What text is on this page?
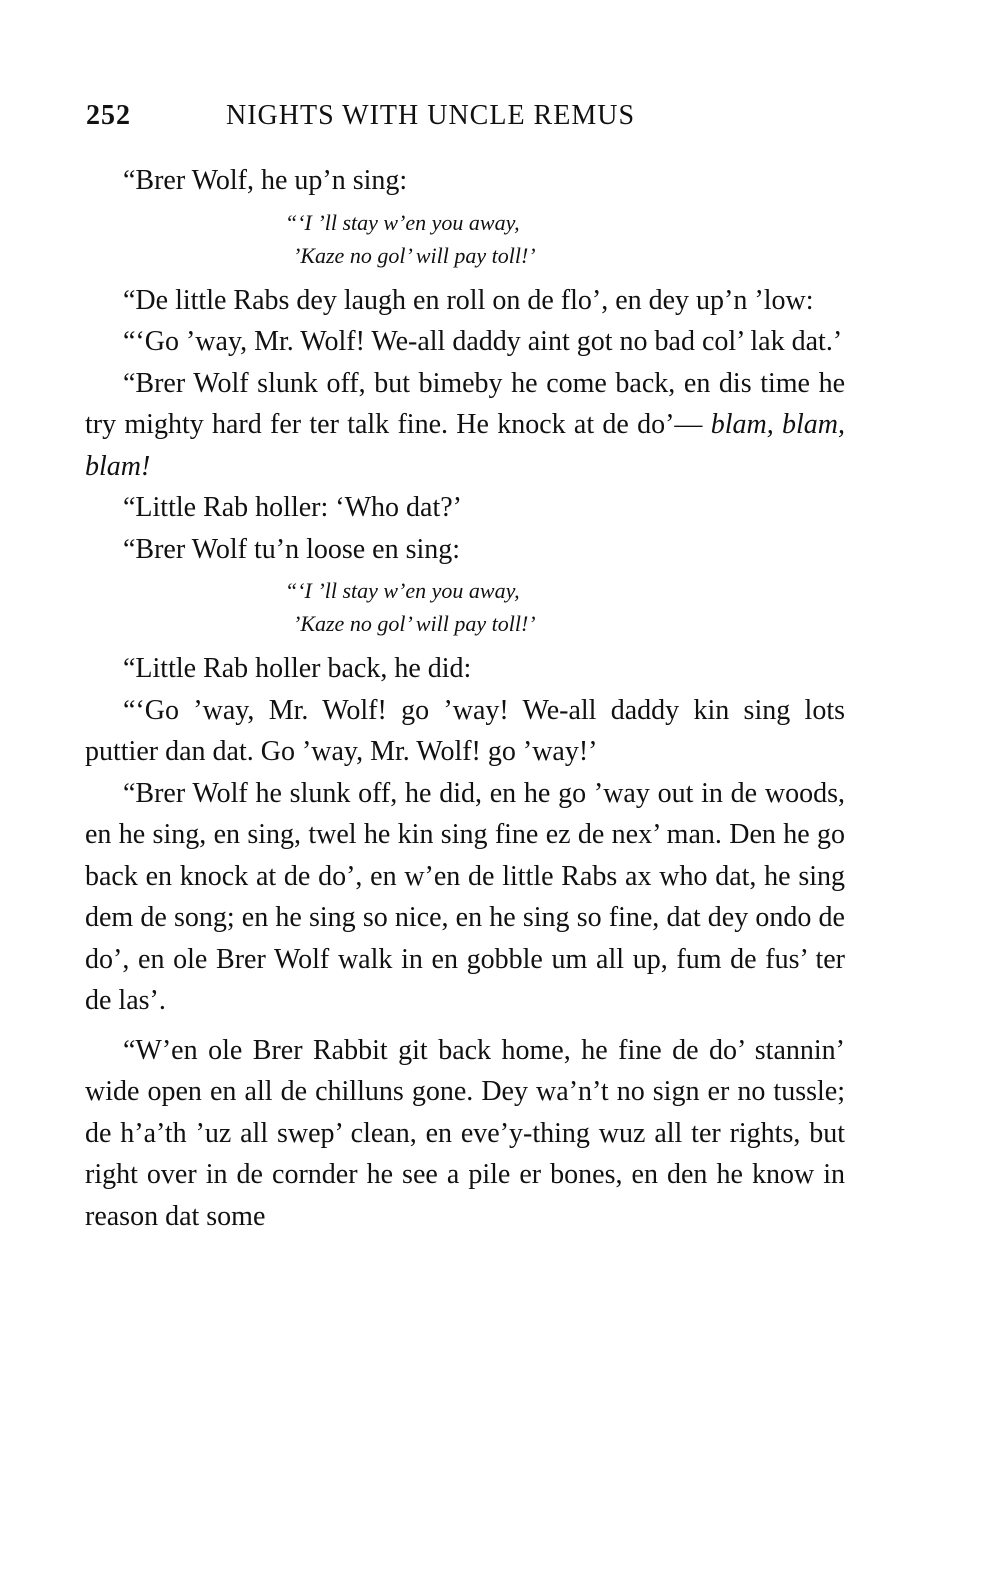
252	NIGHTS WITH UNCLE REMUS

“Brer Wolf, he up’n sing:

“‘I ’ll stay w’en you away,
’Kaze no gol’ will pay toll!’

“De little Rabs dey laugh en roll on de flo’, en dey up’n ’low:

“‘Go ’way, Mr. Wolf! We-all daddy aint got no bad col’ lak dat.’

“Brer Wolf slunk off, but bimeby he come back, en dis time he try mighty hard fer ter talk fine. He knock at de do’— blam, blam, blam!

“Little Rab holler: ‘Who dat?’

“Brer Wolf tu’n loose en sing:

“‘I ’ll stay w’en you away,
’Kaze no gol’ will pay toll!’

“Little Rab holler back, he did:

“‘Go ’way, Mr. Wolf! go ’way! We-all daddy kin sing lots puttier dan dat. Go ’way, Mr. Wolf! go ’way!’

“Brer Wolf he slunk off, he did, en he go ’way out in de woods, en he sing, en sing, twel he kin sing fine ez de nex’ man. Den he go back en knock at de do’, en w’en de little Rabs ax who dat, he sing dem de song; en he sing so nice, en he sing so fine, dat dey ondo de do’, en ole Brer Wolf walk in en gobble um all up, fum de fus’ ter de las’.

“W’en ole Brer Rabbit git back home, he fine de do’ stannin’ wide open en all de chilluns gone. Dey wa’n’t no sign er no tussle; de h’a’th ’uz all swep’ clean, en eve’y-thing wuz all ter rights, but right over in de cornder he see a pile er bones, en den he know in reason dat some
